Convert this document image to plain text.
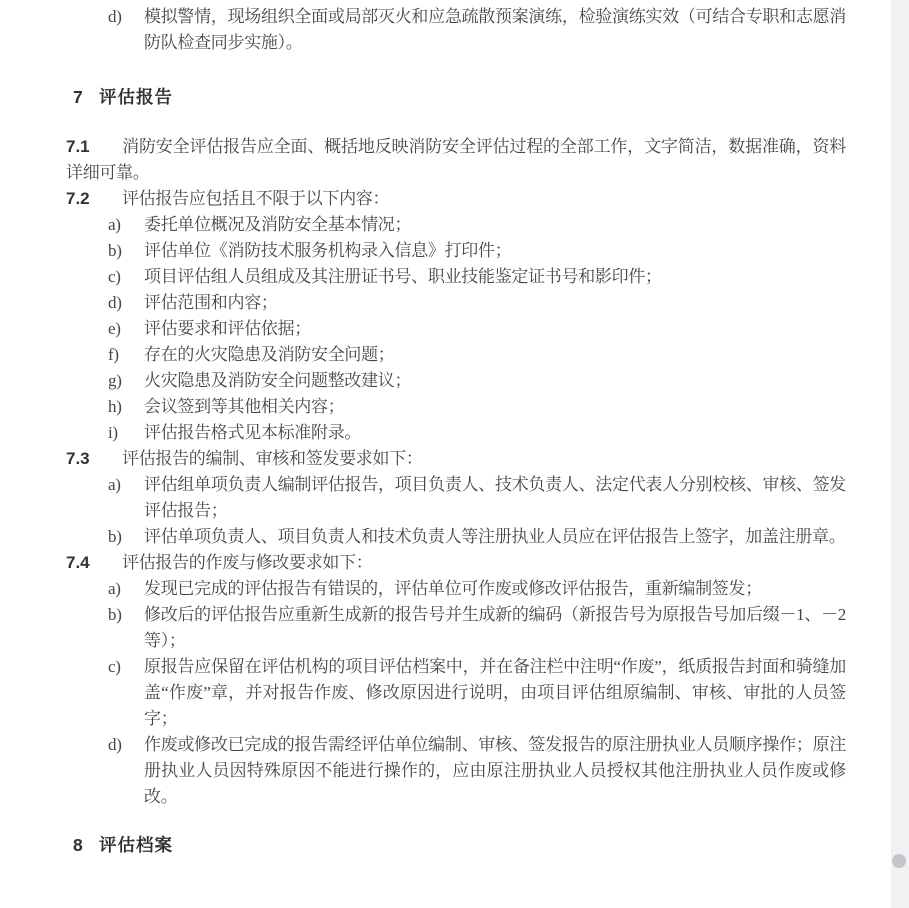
d)	模拟警情，现场组织全面或局部灭火和应急疏散预案演练，检验演练实效（可结合专职和志愿消防队检查同步实施）。
7 评估报告

7.1 消防安全评估报告应全面、概括地反映消防安全评估过程的全部工作，文字简洁，数据准确，资料详细可靠。

7.2 评估报告应包括且不限于以下内容：

a)	委托单位概况及消防安全基本情况；
b)	评估单位《消防技术服务机构录入信息》打印件；
c)	项目评估组人员组成及其注册证书号、职业技能鉴定证书号和影印件；
d)	评估范围和内容；
e)	评估要求和评估依据；
f)	存在的火灾隐患及消防安全问题；
g)	火灾隐患及消防安全问题整改建议；
h)	会议签到等其他相关内容；
i)	评估报告格式见本标准附录。

7.3 评估报告的编制、审核和签发要求如下：

a)	评估组单项负责人编制评估报告，项目负责人、技术负责人、法定代表人分别校核、审核、签发评估报告；
b)	评估单项负责人、项目负责人和技术负责人等注册执业人员应在评估报告上签字，加盖注册章。

7.4 评估报告的作废与修改要求如下：

a)	发现已完成的评估报告有错误的，评估单位可作废或修改评估报告，重新编制签发；
b)	修改后的评估报告应重新生成新的报告号并生成新的编码（新报告号为原报告号加后缀－1、－2等）；
c)	原报告应保留在评估机构的项目评估档案中，并在备注栏中注明“作废”，纸质报告封面和骑缝加盖“作废”章，并对报告作废、修改原因进行说明，由项目评估组原编制、审核、审批的人员签字；
d)	作废或修改已完成的报告需经评估单位编制、审核、签发报告的原注册执业人员顺序操作；原注册执业人员因特殊原因不能进行操作的，应由原注册执业人员授权其他注册执业人员作废或修改。
8 评估档案
